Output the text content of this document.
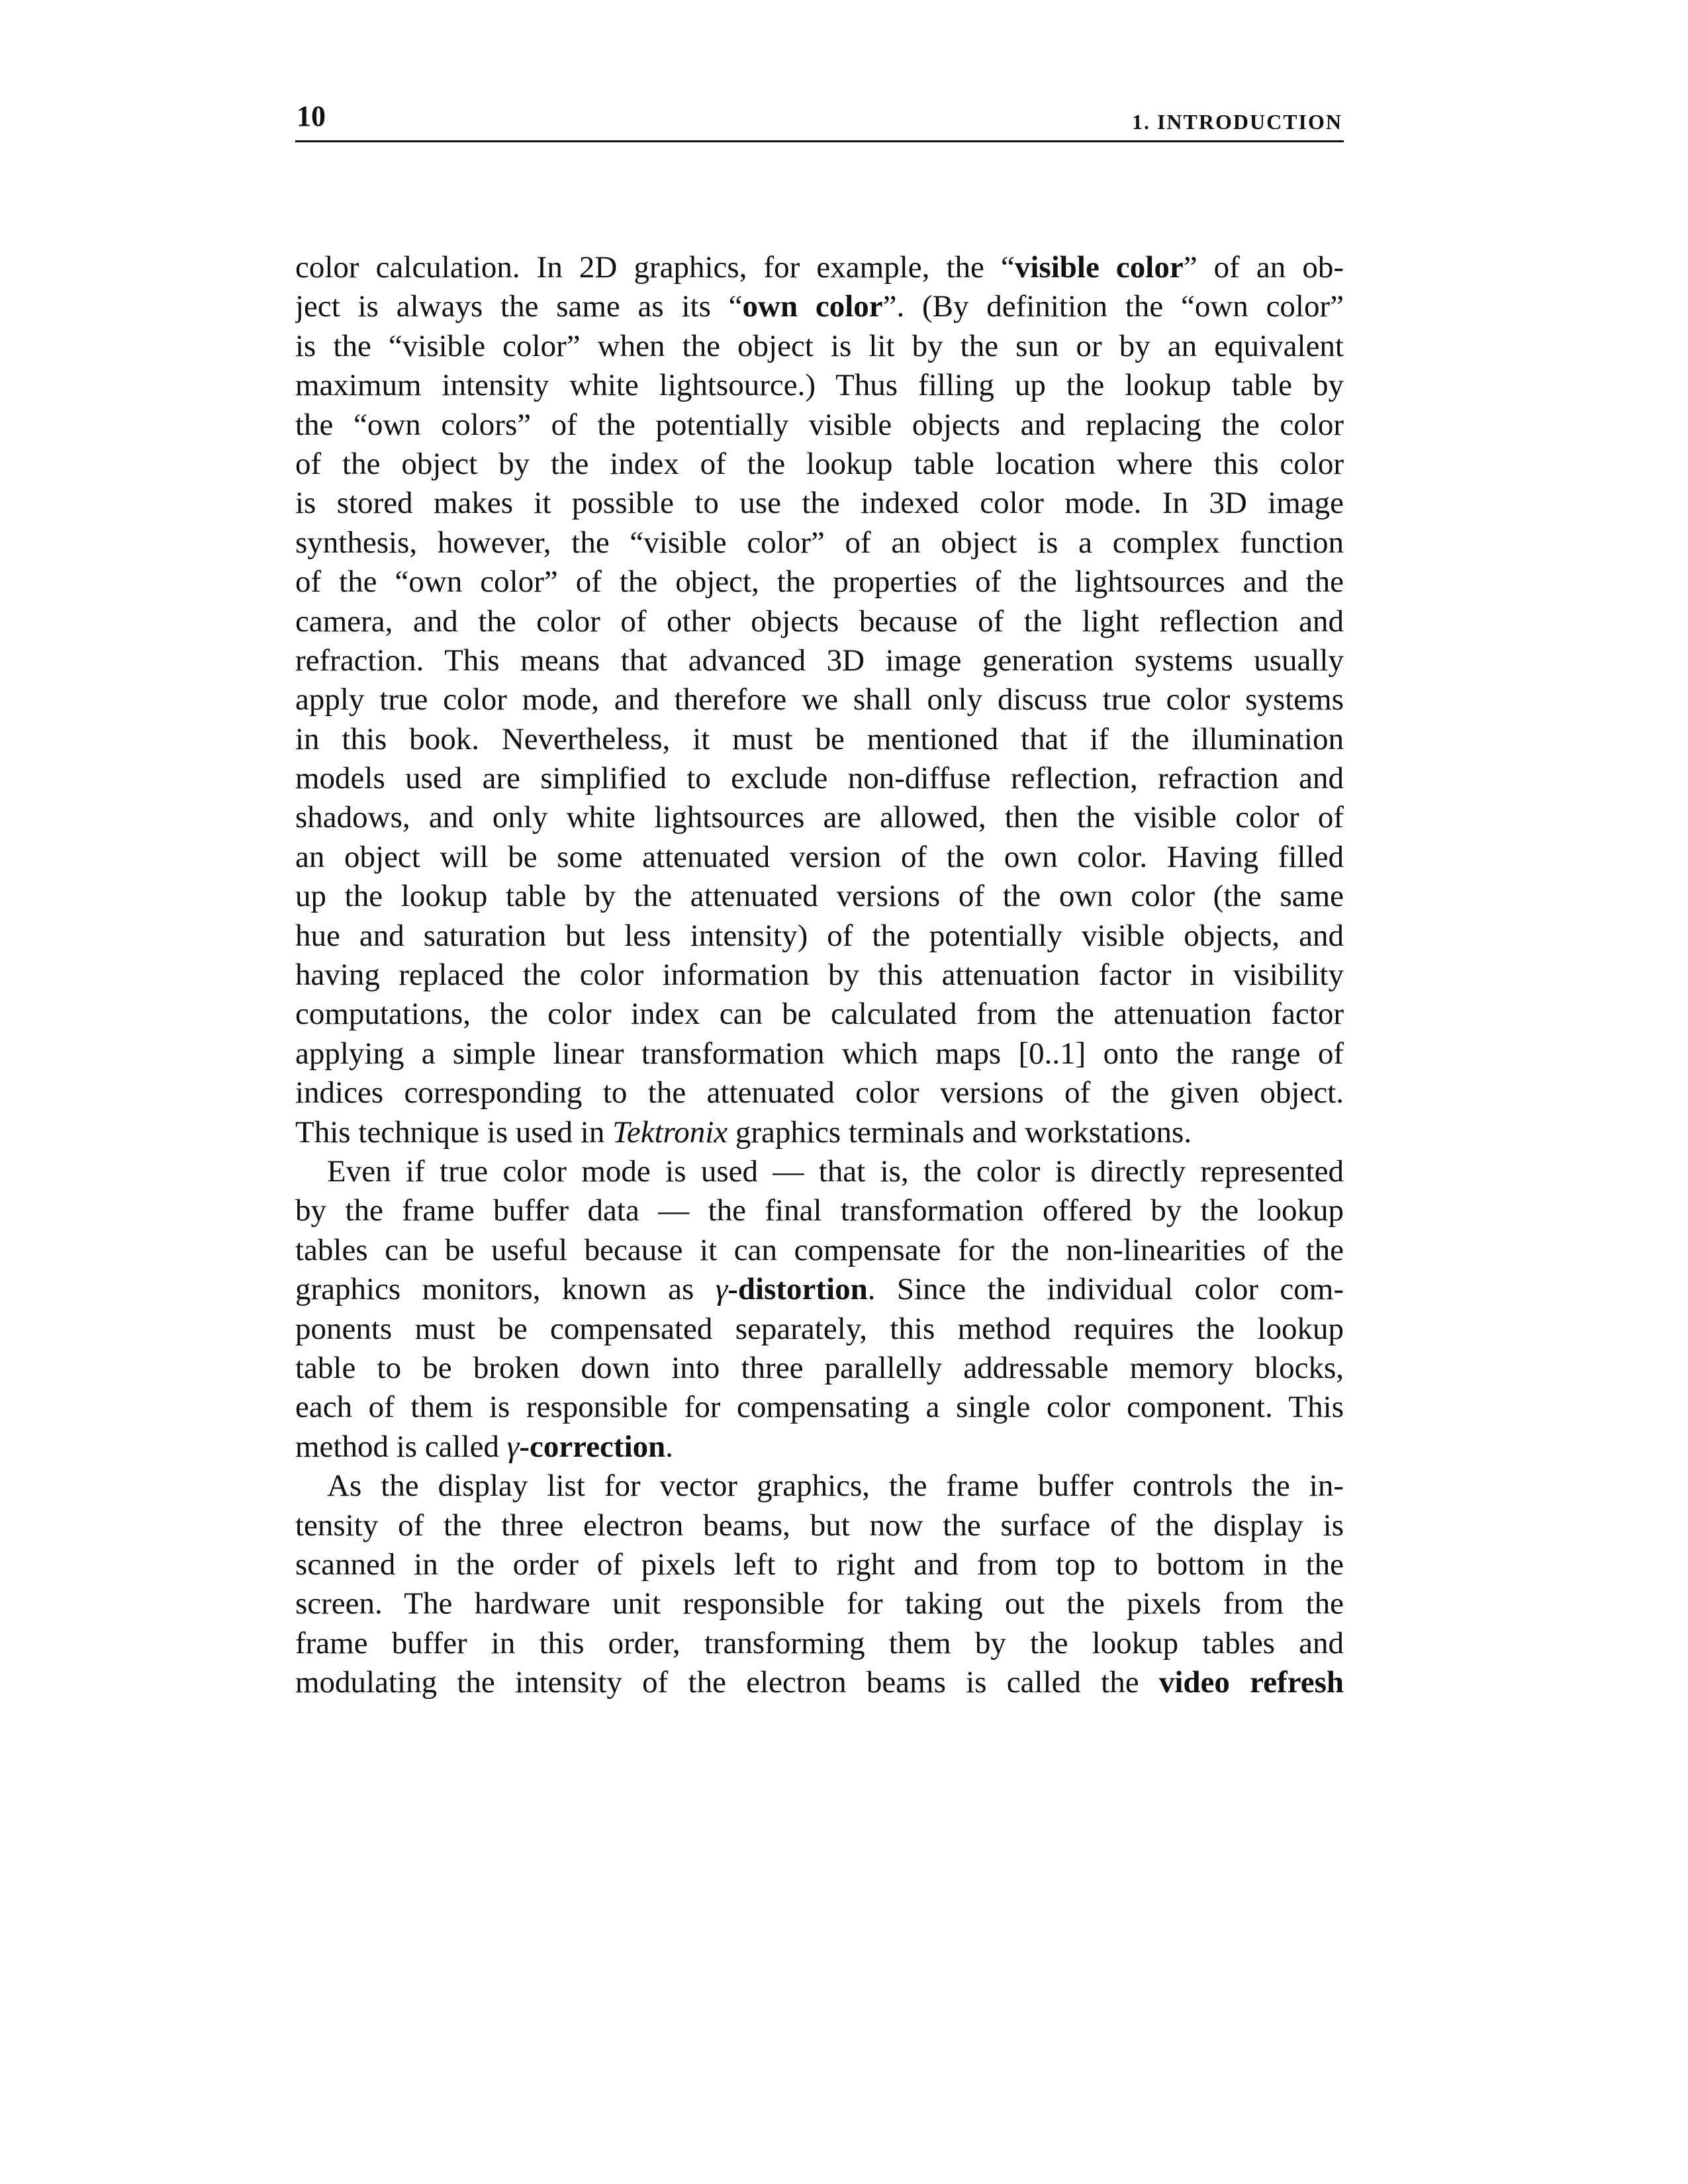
10	1. INTRODUCTION
color calculation. In 2D graphics, for example, the “visible color” of an ob-
ject is always the same as its “own color”. (By definition the “own color”
is the “visible color” when the object is lit by the sun or by an equivalent
maximum intensity white lightsource.) Thus filling up the lookup table by
the “own colors” of the potentially visible objects and replacing the color
of the object by the index of the lookup table location where this color
is stored makes it possible to use the indexed color mode. In 3D image
synthesis, however, the “visible color” of an object is a complex function
of the “own color” of the object, the properties of the lightsources and the
camera, and the color of other objects because of the light reflection and
refraction. This means that advanced 3D image generation systems usually
apply true color mode, and therefore we shall only discuss true color systems
in this book. Nevertheless, it must be mentioned that if the illumination
models used are simplified to exclude non-diffuse reflection, refraction and
shadows, and only white lightsources are allowed, then the visible color of
an object will be some attenuated version of the own color. Having filled
up the lookup table by the attenuated versions of the own color (the same
hue and saturation but less intensity) of the potentially visible objects, and
having replaced the color information by this attenuation factor in visibility
computations, the color index can be calculated from the attenuation factor
applying a simple linear transformation which maps [0..1] onto the range of
indices corresponding to the attenuated color versions of the given object.
This technique is used in Tektronix graphics terminals and workstations.
Even if true color mode is used — that is, the color is directly represented
by the frame buffer data — the final transformation offered by the lookup
tables can be useful because it can compensate for the non-linearities of the
graphics monitors, known as γ-distortion. Since the individual color com-
ponents must be compensated separately, this method requires the lookup
table to be broken down into three parallelly addressable memory blocks,
each of them is responsible for compensating a single color component. This
method is called γ-correction.
As the display list for vector graphics, the frame buffer controls the in-
tensity of the three electron beams, but now the surface of the display is
scanned in the order of pixels left to right and from top to bottom in the
screen. The hardware unit responsible for taking out the pixels from the
frame buffer in this order, transforming them by the lookup tables and
modulating the intensity of the electron beams is called the video refresh
